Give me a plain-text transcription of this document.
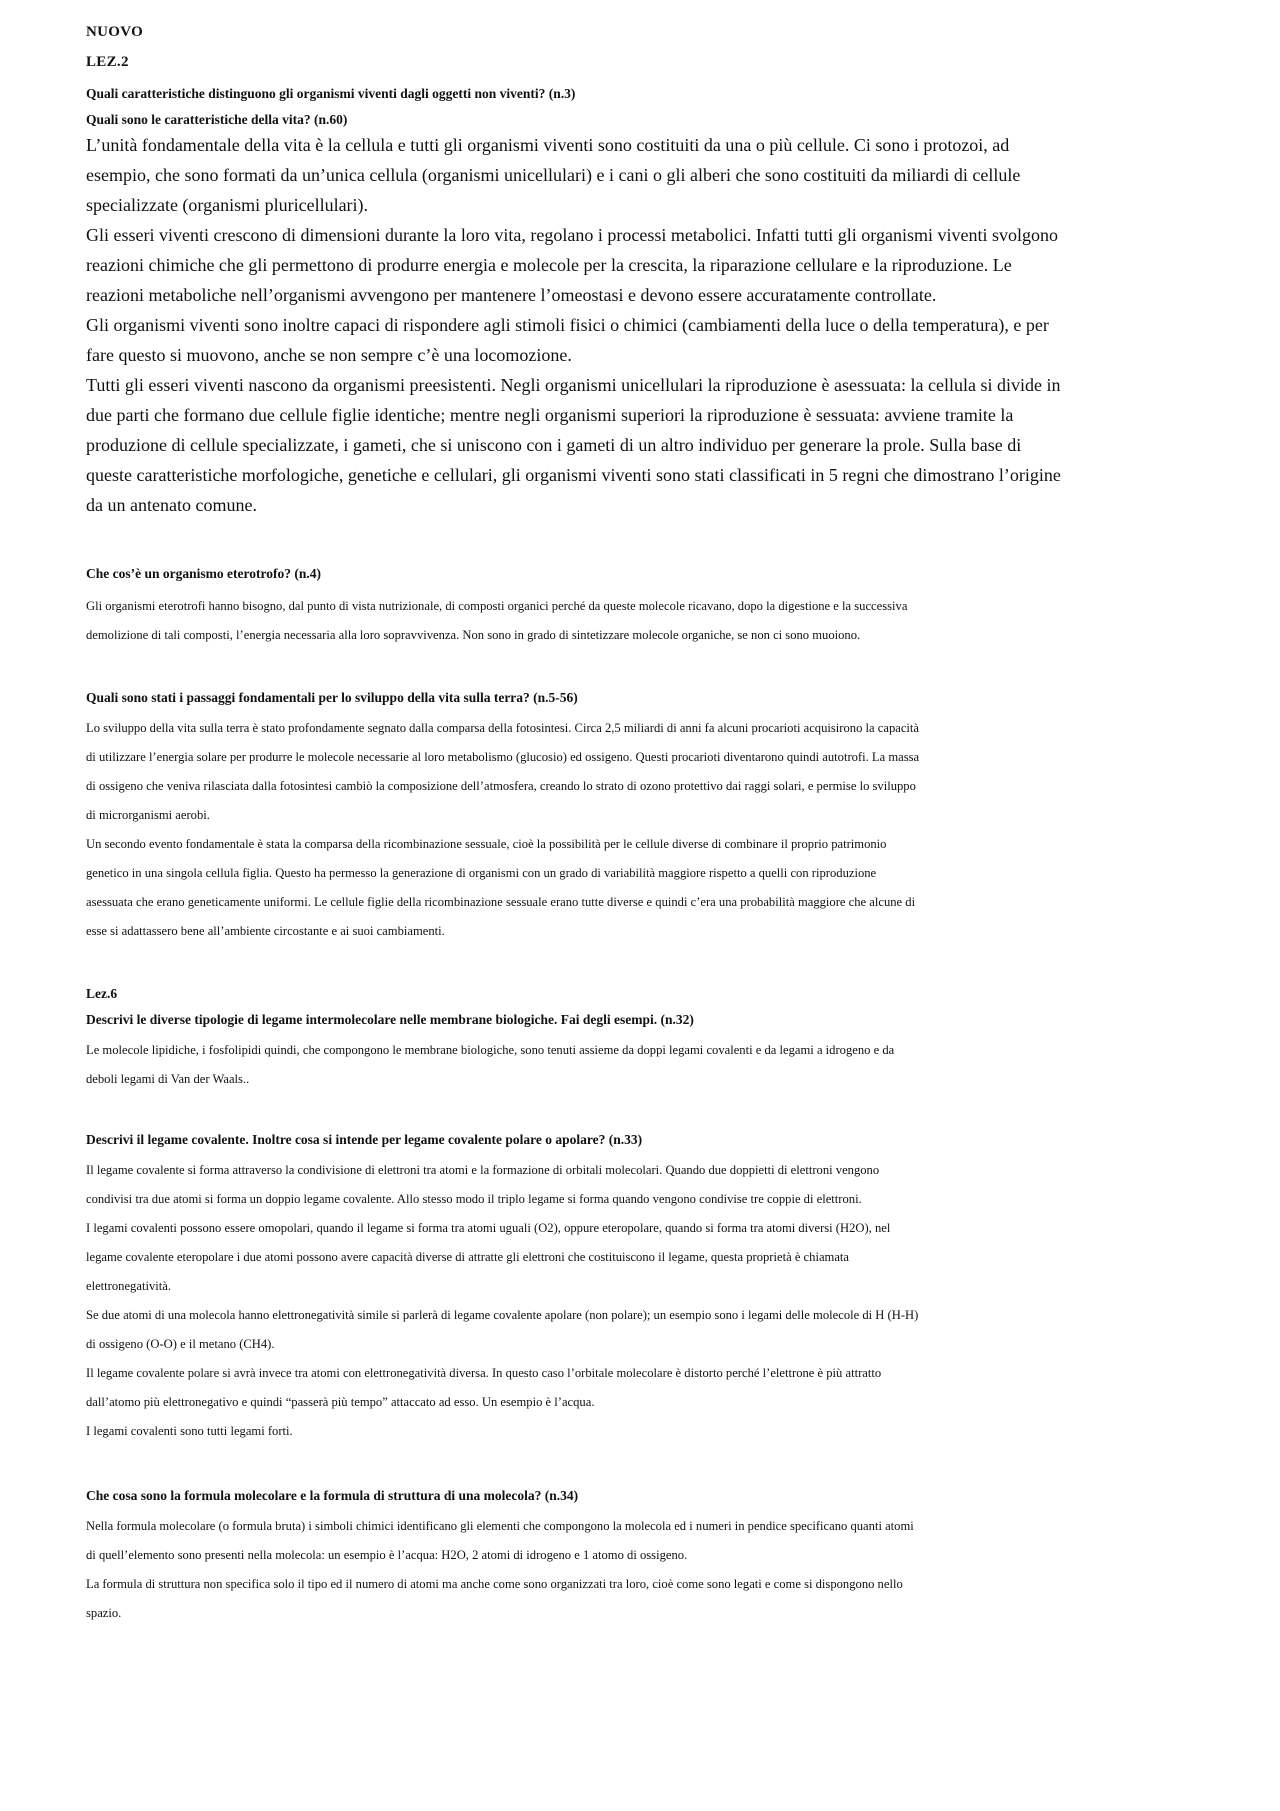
NUOVO
LEZ.2
Quali caratteristiche distinguono gli organismi viventi dagli oggetti non viventi? (n.3)
Quali sono le caratteristiche della vita? (n.60)
L’unità fondamentale della vita è la cellula e tutti gli organismi viventi sono costituiti da una o più cellule. Ci sono i protozoi, ad
esempio, che sono formati da un’unica cellula (organismi unicellulari) e i cani o gli alberi che sono costituiti da miliardi di cellule
specializzate (organismi pluricellulari).
Gli esseri viventi crescono di dimensioni durante la loro vita, regolano i processi metabolici. Infatti tutti gli organismi viventi svolgono
reazioni chimiche che gli permettono di produrre energia e molecole per la crescita, la riparazione cellulare e la riproduzione. Le
reazioni metaboliche nell’organismi avvengono per mantenere l’omeostasi e devono essere accuratamente controllate.
Gli organismi viventi sono inoltre capaci di rispondere agli stimoli fisici o chimici (cambiamenti della luce o della temperatura), e per
fare questo si muovono, anche se non sempre c’è una locomozione.
Tutti gli esseri viventi nascono da organismi preesistenti. Negli organismi unicellulari la riproduzione è asessuata: la cellula si divide in
due parti che formano due cellule figlie identiche; mentre negli organismi superiori la riproduzione è sessuata: avviene tramite la
produzione di cellule specializzate, i gameti, che si uniscono con i gameti di un altro individuo per generare la prole. Sulla base di
queste caratteristiche morfologiche, genetiche e cellulari, gli organismi viventi sono stati classificati in 5 regni che dimostrano l’origine
da un antenato comune.
Che cos’è un organismo eterotrofo? (n.4)
Gli organismi eterotrofi hanno bisogno, dal punto di vista nutrizionale, di composti organici perché da queste molecole ricavano, dopo la digestione e la successiva
demolizione di tali composti, l’energia necessaria alla loro sopravvivenza. Non sono in grado di sintetizzare molecole organiche, se non ci sono muoiono.
Quali sono stati i passaggi fondamentali per lo sviluppo della vita sulla terra? (n.5-56)
Lo sviluppo della vita sulla terra è stato profondamente segnato dalla comparsa della fotosintesi. Circa 2,5 miliardi di anni fa alcuni procarioti acquisirono la capacità
di utilizzare l’energia solare per produrre le molecole necessarie al loro metabolismo (glucosio) ed ossigeno. Questi procarioti diventarono quindi autotrofi. La massa
di ossigeno che veniva rilasciata dalla fotosintesi cambiò la composizione dell’atmosfera, creando lo strato di ozono protettivo dai raggi solari, e permise lo sviluppo
di microrganismi aerobi.
Un secondo evento fondamentale è stata la comparsa della ricombinazione sessuale, cioè la possibilità per le cellule diverse di combinare il proprio patrimonio
genetico in una singola cellula figlia. Questo ha permesso la generazione di organismi con un grado di variabilità maggiore rispetto a quelli con riproduzione
asessuata che erano geneticamente uniformi. Le cellule figlie della ricombinazione sessuale erano tutte diverse e quindi c’era una probabilità maggiore che alcune di
esse si adattassero bene all’ambiente circostante e ai suoi cambiamenti.
Lez.6
Descrivi le diverse tipologie di legame intermolecolare nelle membrane biologiche. Fai degli esempi. (n.32)
Le molecole lipidiche, i fosfolipidi quindi, che compongono le membrane biologiche, sono tenuti assieme da doppi legami covalenti e da legami a idrogeno e da
deboli legami di Van der Waals..
Descrivi il legame covalente. Inoltre cosa si intende per legame covalente polare o apolare? (n.33)
Il legame covalente si forma attraverso la condivisione di elettroni tra atomi e la formazione di orbitali molecolari. Quando due doppietti di elettroni vengono
condivisi tra due atomi si forma un doppio legame covalente. Allo stesso modo il triplo legame si forma quando vengono condivise tre coppie di elettroni.
I legami covalenti possono essere omopolari, quando il legame si forma tra atomi uguali (O2), oppure eteropolare, quando si forma tra atomi diversi (H2O), nel
legame covalente eteropolare i due atomi possono avere capacità diverse di attratte gli elettroni che costituiscono il legame, questa proprietà è chiamata
elettronegatività.
Se due atomi di una molecola hanno elettronegatività simile si parlerà di legame covalente apolare (non polare); un esempio sono i legami delle molecole di H (H-H)
di ossigeno (O-O) e il metano (CH4).
Il legame covalente polare si avrà invece tra atomi con elettronegatività diversa. In questo caso l’orbitale molecolare è distorto perché l’elettrone è più attratto
dall’atomo più elettronegativo e quindi “passerà più tempo” attaccato ad esso. Un esempio è l’acqua.
I legami covalenti sono tutti legami forti.
Che cosa sono la formula molecolare e la formula di struttura di una molecola? (n.34)
Nella formula molecolare (o formula bruta) i simboli chimici identificano gli elementi che compongono la molecola ed i numeri in pendice specificano quanti atomi
di quell’elemento sono presenti nella molecola: un esempio è l’acqua: H2O, 2 atomi di idrogeno e 1 atomo di ossigeno.
La formula di struttura non specifica solo il tipo ed il numero di atomi ma anche come sono organizzati tra loro, cioè come sono legati e come si dispongono nello
spazio.
